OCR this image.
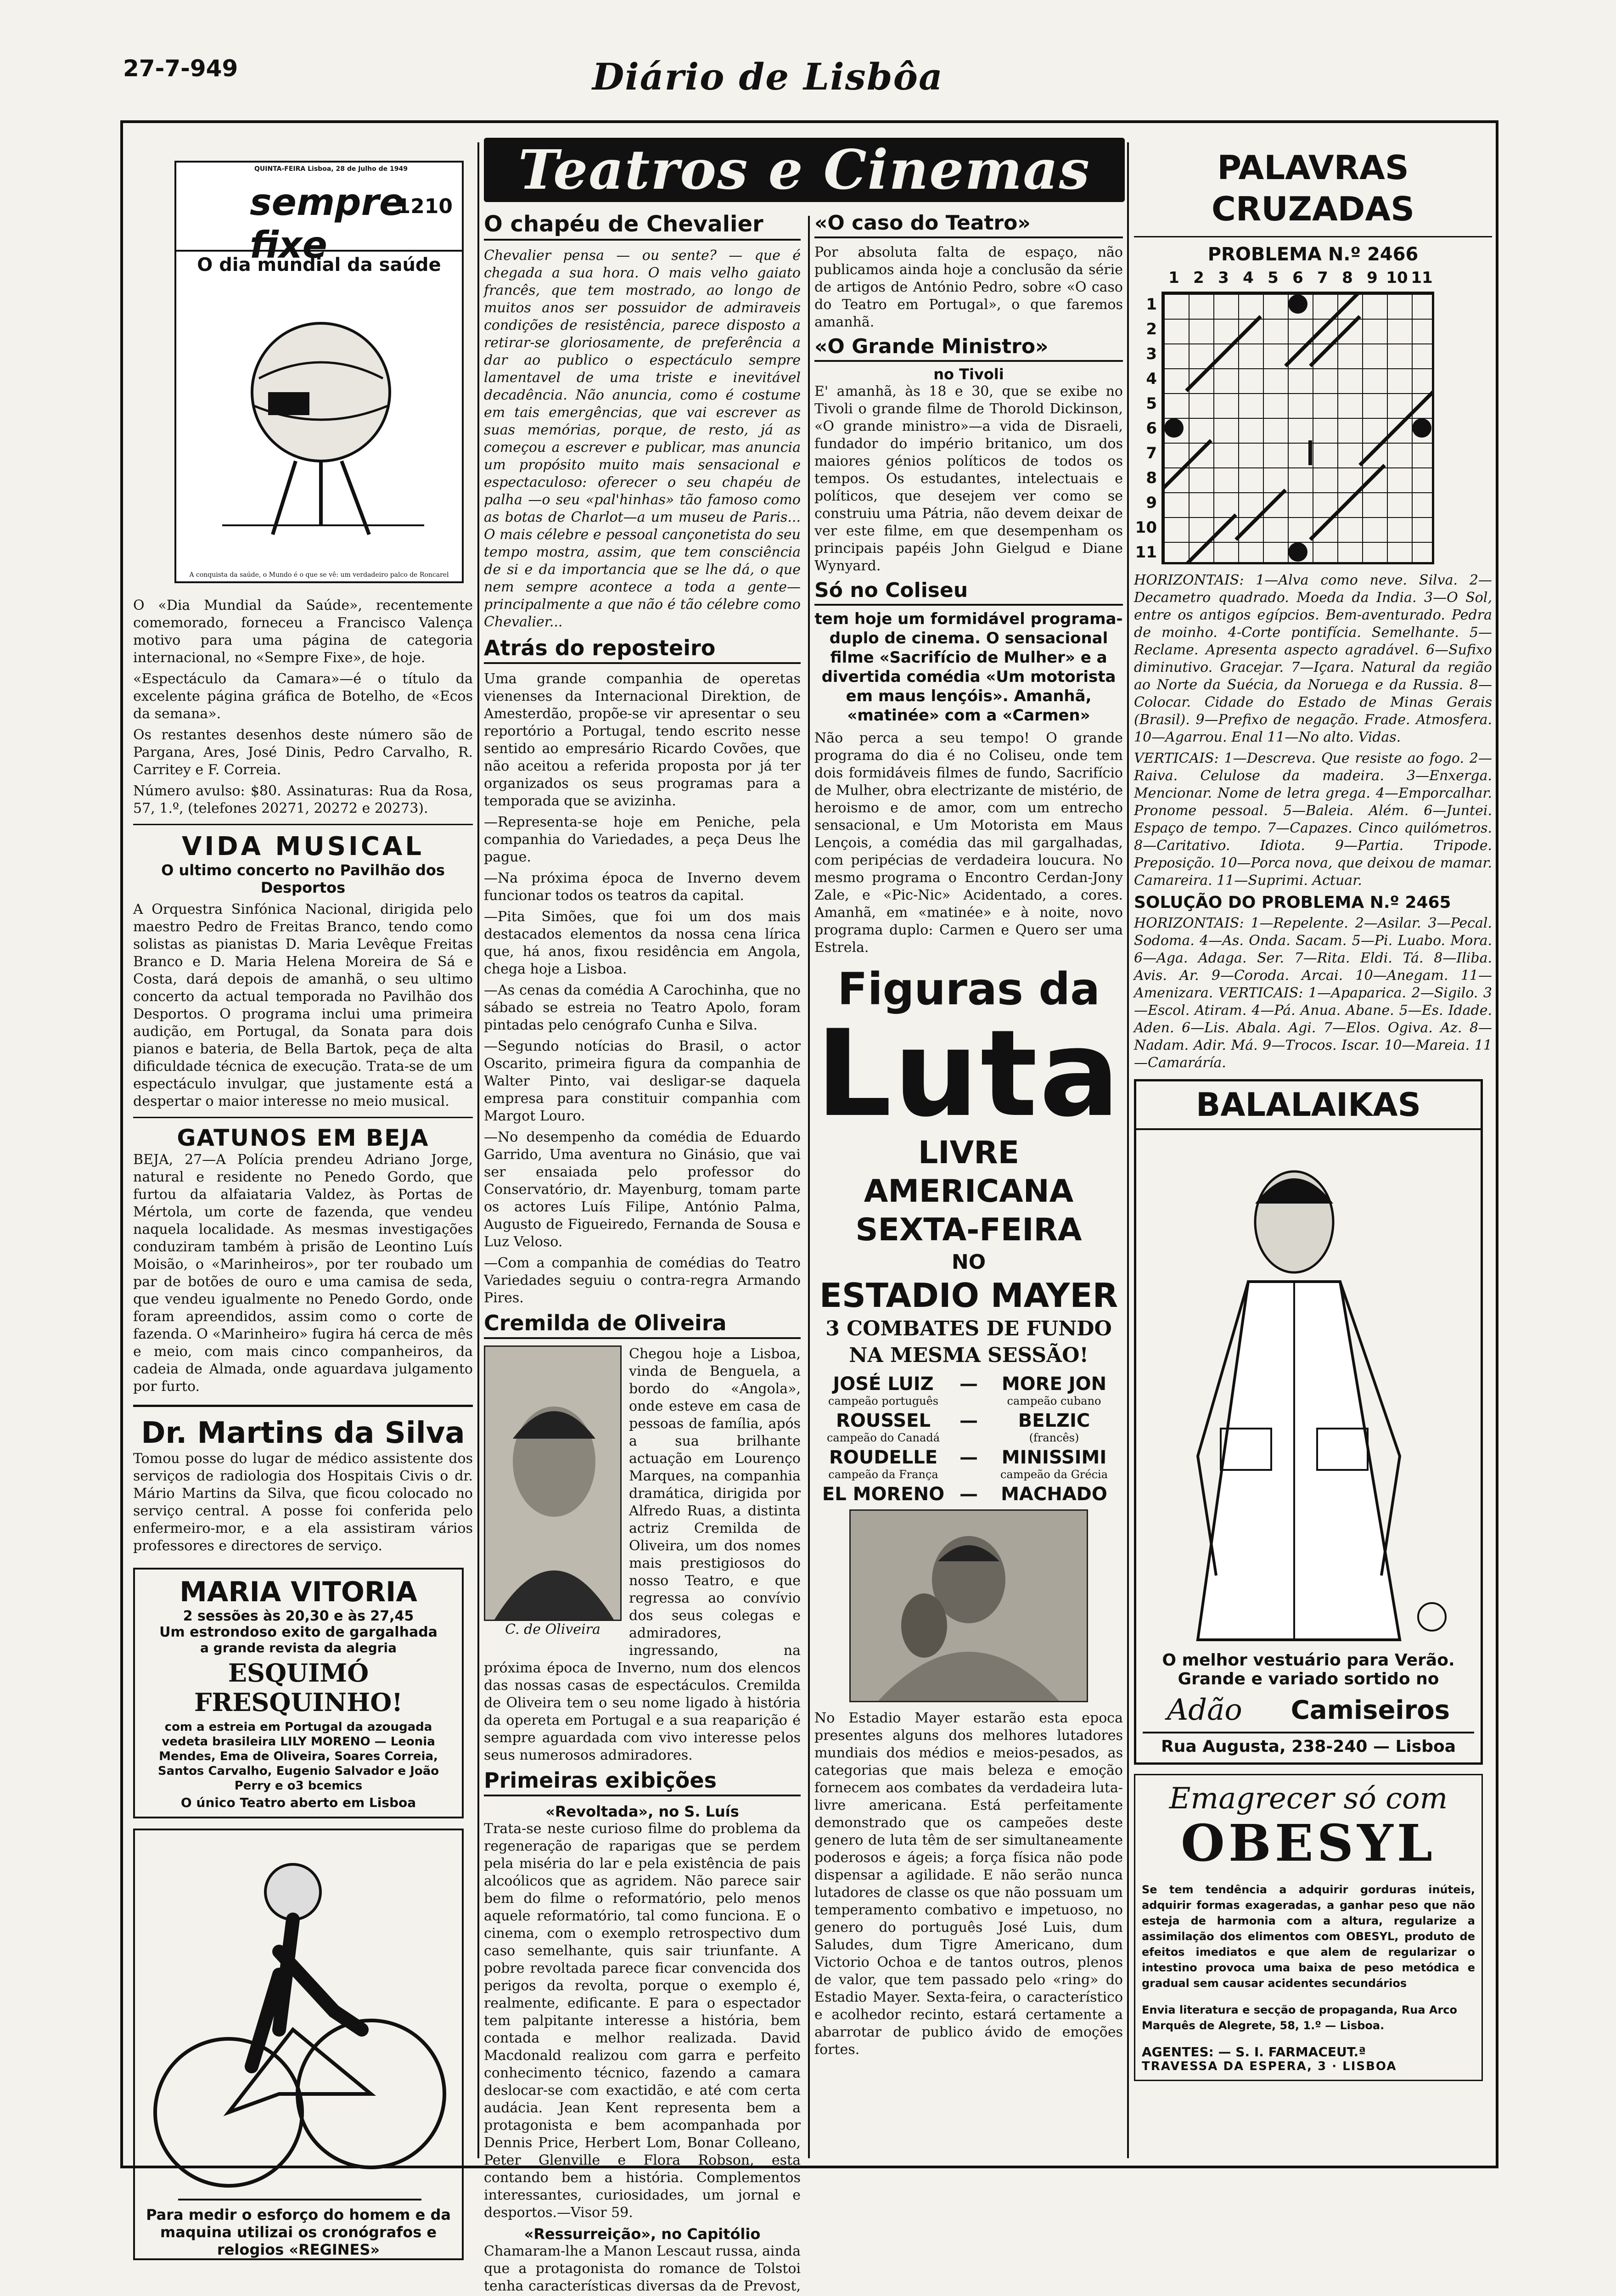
27-7-949	Diário de Lisbôa
QUINTA-FEIRA Lisboa, 28 de Julho de 1949
sempre fixe
1210
O dia mundial da saúde
A conquista da saúde, o Mundo é o que se vê: um verdadeiro palco de Roncarel

O «Dia Mundial da Saúde», recentemente comemorado, forneceu a Francisco Valença motivo para uma página de categoria internacional, no «Sempre Fixe», de hoje.

«Espectáculo da Camara»—é o título da excelente página gráfica de Botelho, de «Ecos da semana».

Os restantes desenhos deste número são de Pargana, Ares, José Dinis, Pedro Carvalho, R. Carritey e F. Correia.

Número avulso: $80. Assinaturas: Rua da Rosa, 57, 1.º, (telefones 20271, 20272 e 20273).

VIDA MUSICAL
O ultimo concerto no Pavilhão dos Desportos

A Orquestra Sinfónica Nacional, dirigida pelo maestro Pedro de Freitas Branco, tendo como solistas as pianistas D. Maria Levêque Freitas Branco e D. Maria Helena Moreira de Sá e Costa, dará depois de amanhã, o seu ultimo concerto da actual temporada no Pavilhão dos Desportos. O programa inclui uma primeira audição, em Portugal, da Sonata para dois pianos e bateria, de Bella Bartok, peça de alta dificuldade técnica de execução. Trata-se de um espectáculo invulgar, que justamente está a despertar o maior interesse no meio musical.

GATUNOS EM BEJA

BEJA, 27—A Polícia prendeu Adriano Jorge, natural e residente no Penedo Gordo, que furtou da alfaiataria Valdez, às Portas de Mértola, um corte de fazenda, que vendeu naquela localidade. As mesmas investigações conduziram também à prisão de Leontino Luís Moisão, o «Marinheiros», por ter roubado um par de botões de ouro e uma camisa de seda, que vendeu igualmente no Penedo Gordo, onde foram apreendidos, assim como o corte de fazenda. O «Marinheiro» fugira há cerca de mês e meio, com mais cinco companheiros, da cadeia de Almada, onde aguardava julgamento por furto.

Dr. Martins da Silva

Tomou posse do lugar de médico assistente dos serviços de radiologia dos Hospitais Civis o dr. Mário Martins da Silva, que ficou colocado no serviço central. A posse foi conferida pelo enfermeiro-mor, e a ela assistiram vários professores e directores de serviço.

MARIA VITORIA
2 sessões às 20,30 e às 27,45
Um estrondoso exito de gargalhada
a grande revista da alegria
ESQUIMÓ FRESQUINHO!
com a estreia em Portugal da azougada vedeta brasileira LILY MORENO — Leonia Mendes, Ema de Oliveira, Soares Correia, Santos Carvalho, Eugenio Salvador e João Perry e o3 bcemics
O único Teatro aberto em Lisboa
Para medir o esforço do homem e da maquina utilizai os cronógrafos e relogios «REGINES»
Teatros e Cinemas
O chapéu de Chevalier

Chevalier pensa — ou sente? — que é chegada a sua hora. O mais velho gaiato francês, que tem mostrado, ao longo de muitos anos ser possuidor de admiraveis condições de resistência, parece disposto a retirar-se gloriosamente, de preferência a dar ao publico o espectáculo sempre lamentavel de uma triste e inevitável decadência. Não anuncia, como é costume em tais emergências, que vai escrever as suas memórias, porque, de resto, já as começou a escrever e publicar, mas anuncia um propósito muito mais sensacional e espectaculoso: oferecer o seu chapéu de palha —o seu «pal'hinhas» tão famoso como as botas de Charlot—a um museu de Paris... O mais célebre e pessoal cançonetista do seu tempo mostra, assim, que tem consciência de si e da importancia que se lhe dá, o que nem sempre acontece a toda a gente—principalmente a que não é tão célebre como Chevalier...

Atrás do reposteiro

Uma grande companhia de operetas vienenses da Internacional Direktion, de Amesterdão, propõe-se vir apresentar o seu reportório a Portugal, tendo escrito nesse sentido ao empresário Ricardo Covões, que não aceitou a referida proposta por já ter organizados os seus programas para a temporada que se avizinha.

—Representa-se hoje em Peniche, pela companhia do Variedades, a peça Deus lhe pague.

—Na próxima época de Inverno devem funcionar todos os teatros da capital.

—Pita Simões, que foi um dos mais destacados elementos da nossa cena lírica que, há anos, fixou residência em Angola, chega hoje a Lisboa.

—As cenas da comédia A Carochinha, que no sábado se estreia no Teatro Apolo, foram pintadas pelo cenógrafo Cunha e Silva.

—Segundo notícias do Brasil, o actor Oscarito, primeira figura da companhia de Walter Pinto, vai desligar-se daquela empresa para constituir companhia com Margot Louro.

—No desempenho da comédia de Eduardo Garrido, Uma aventura no Ginásio, que vai ser ensaiada pelo professor do Conservatório, dr. Mayenburg, tomam parte os actores Luís Filipe, António Palma, Augusto de Figueiredo, Fernanda de Sousa e Luz Veloso.

—Com a companhia de comédias do Teatro Variedades seguiu o contra-regra Armando Pires.

Cremilda de Oliveira
C. de Oliveira

Chegou hoje a Lisboa, vinda de Benguela, a bordo do «Angola», onde esteve em casa de pessoas de família, após a sua brilhante actuação em Lourenço Marques, na companhia dramática, dirigida por Alfredo Ruas, a distinta actriz Cremilda de Oliveira, um dos nomes mais prestigiosos do nosso Teatro, e que regressa ao convívio dos seus colegas e admiradores, ingressando, na próxima época de Inverno, num dos elencos das nossas casas de espectáculos. Cremilda de Oliveira tem o seu nome ligado à história da opereta em Portugal e a sua reaparição é sempre aguardada com vivo interesse pelos seus numerosos admiradores.

Primeiras exibições
«Revoltada», no S. Luís

Trata-se neste curioso filme do problema da regeneração de raparigas que se perdem pela miséria do lar e pela existência de pais alcoólicos que as agridem. Não parece sair bem do filme o reformatório, pelo menos aquele reformatório, tal como funciona. E o cinema, com o exemplo retrospectivo dum caso semelhante, quis sair triunfante. A pobre revoltada parece ficar convencida dos perigos da revolta, porque o exemplo é, realmente, edificante. E para o espectador tem palpitante interesse a história, bem contada e melhor realizada. David Macdonald realizou com garra e perfeito conhecimento técnico, fazendo a camara deslocar-se com exactidão, e até com certa audácia. Jean Kent representa bem a protagonista e bem acompanhada por Dennis Price, Herbert Lom, Bonar Colleano, Peter Glenville e Flora Robson, esta contando bem a história. Complementos interessantes, curiosidades, um jornal e desportos.—Visor 59.

«Ressurreição», no Capitólio

Chamaram-lhe a Manon Lescaut russa, ainda que a protagonista do romance de Tolstoi tenha características diversas da de Prevost,

«O caso do Teatro»

Por absoluta falta de espaço, não publicamos ainda hoje a conclusão da série de artigos de António Pedro, sobre «O caso do Teatro em Portugal», o que faremos amanhã.

«O Grande Ministro»
no Tivoli

E' amanhã, às 18 e 30, que se exibe no Tivoli o grande filme de Thorold Dickinson, «O grande ministro»—a vida de Disraeli, fundador do império britanico, um dos maiores génios políticos de todos os tempos. Os estudantes, intelectuais e políticos, que desejem ver como se construiu uma Pátria, não devem deixar de ver este filme, em que desempenham os principais papéis John Gielgud e Diane Wynyard.

Só no Coliseu
tem hoje um formidável programa-duplo de cinema. O sensacional filme «Sacrifício de Mulher» e a divertida comédia «Um motorista em maus lençóis». Amanhã, «matinée» com a «Carmen»

Não perca a seu tempo! O grande programa do dia é no Coliseu, onde tem dois formidáveis filmes de fundo, Sacrifício de Mulher, obra electrizante de mistério, de heroismo e de amor, com um entrecho sensacional, e Um Motorista em Maus Lençois, a comédia das mil gargalhadas, com peripécias de verdadeira loucura. No mesmo programa o Encontro Cerdan-Jony Zale, e «Pic-Nic» Acidentado, a cores. Amanhã, em «matinée» e à noite, novo programa duplo: Carmen e Quero ser uma Estrela.

Figuras da
Luta
LIVRE AMERICANA
SEXTA-FEIRA
NO
ESTADIO MAYER
3 COMBATES DE FUNDO
NA MESMA SESSÃO!
JOSÉ LUIZ
campeão português
—	MORE JON
campeão cubano
ROUSSEL
campeão do Canadá
—	BELZIC
(francês)
ROUDELLE
campeão da França
—	MINISSIMI
campeão da Grécia
EL MORENO —	MACHADO

No Estadio Mayer estarão esta epoca presentes alguns dos melhores lutadores mundiais dos médios e meios-pesados, as categorias que mais beleza e emoção fornecem aos combates da verdadeira luta-livre americana. Está perfeitamente demonstrado que os campeões deste genero de luta têm de ser simultaneamente poderosos e ágeis; a força física não pode dispensar a agilidade. E não serão nunca lutadores de classe os que não possuam um temperamento combativo e impetuoso, no genero do português José Luis, dum Saludes, dum Tigre Americano, dum Victorio Ochoa e de tantos outros, plenos de valor, que tem passado pelo «ring» do Estadio Mayer. Sexta-feira, o característico e acolhedor recinto, estará certamente a abarrotar de publico ávido de emoções fortes.

PALAVRAS CRUZADAS
PROBLEMA N.º 2466
1 2 3 4 5 6 7 8 9 10 11
1
2
3
4
5
6
7
8
9
10
11

HORIZONTAIS: 1—Alva como neve. Silva. 2—Decametro quadrado. Moeda da India. 3—O Sol, entre os antigos egípcios. Bem-aventurado. Pedra de moinho. 4-Corte pontifícia. Semelhante. 5—Reclame. Apresenta aspecto agradável. 6—Sufixo diminutivo. Gracejar. 7—Içara. Natural da região ao Norte da Suécia, da Noruega e da Russia. 8—Colocar. Cidade do Estado de Minas Gerais (Brasil). 9—Prefixo de negação. Frade. Atmosfera. 10—Agarrou. Enal 11—No alto. Vidas.

VERTICAIS: 1—Descreva. Que resiste ao fogo. 2—Raiva. Celulose da madeira. 3—Enxerga. Mencionar. Nome de letra grega. 4—Emporcalhar. Pronome pessoal. 5—Baleia. Além. 6—Juntei. Espaço de tempo. 7—Capazes. Cinco quilómetros. 8—Caritativo. Idiota. 9—Partia. Tripode. Preposição. 10—Porca nova, que deixou de mamar. Camareira. 11—Suprimi. Actuar.

SOLUÇÃO DO PROBLEMA N.º 2465

HORIZONTAIS: 1—Repelente. 2—Asilar. 3—Pecal. Sodoma. 4—As. Onda. Sacam. 5—Pi. Luabo. Mora. 6—Aga. Adaga. Ser. 7—Rita. Eldi. Tá. 8—Iliba. Avis. Ar. 9—Coroda. Arcai. 10—Anegam. 11—Amenizara. VERTICAIS: 1—Apaparica. 2—Sigilo. 3—Escol. Atiram. 4—Pá. Anua. Abane. 5—Es. Idade. Aden. 6—Lis. Abala. Agi. 7—Elos. Ogiva. Az. 8—Nadam. Adir. Má. 9—Trocos. Iscar. 10—Mareia. 11—Camaráría.

BALALAIKAS
O melhor vestuário para Verão.
Grande e variado sortido no
Adão Camiseiros
Rua Augusta, 238-240 — Lisboa
Emagrecer só com
OBESYL

Se tem tendência a adquirir gorduras inúteis, adquirir formas exageradas, a ganhar peso que não esteja de harmonia com a altura, regularize a assimilação dos elimentos com OBESYL, produto de efeitos imediatos e que alem de regularizar o intestino provoca uma baixa de peso metódica e gradual sem causar acidentes secundários

Envia literatura e secção de propaganda, Rua Arco Marquês de Alegrete, 58, 1.º — Lisboa.

AGENTES: — S. I. FARMACEUT.ª
TRAVESSA DA ESPERA, 3 · LISBOA
